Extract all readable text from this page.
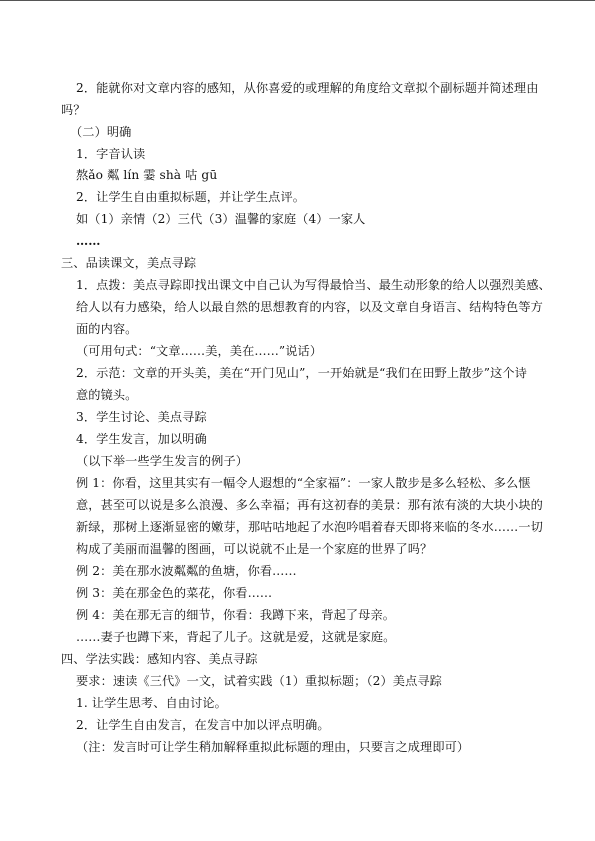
2．能就你对文章内容的感知，从你喜爱的或理解的角度给文章拟个副标题并简述理由
吗？
（二）明确
1．字音认读
熬ǎo 粼 lín 霎 shà 咕 gū
2．让学生自由重拟标题，并让学生点评。
如（1）亲情（2）三代（3）温馨的家庭（4）一家人
……
三、品读课文，美点寻踪
1．点拨：美点寻踪即找出课文中自己认为写得最恰当、最生动形象的给人以强烈美感、
给人以有力感染，给人以最自然的思想教育的内容，以及文章自身语言、结构特色等方
面的内容。
（可用句式：“文章……美，美在……”说话）
2．示范：文章的开头美，美在“开门见山”，一开始就是“我们在田野上散步”这个诗
意的镜头。
3．学生讨论、美点寻踪
4．学生发言，加以明确
（以下举一些学生发言的例子）
例 1：你看，这里其实有一幅令人遐想的“全家福”：一家人散步是多么轻松、多么惬
意，甚至可以说是多么浪漫、多么幸福；再有这初春的美景：那有浓有淡的大块小块的
新绿，那树上逐渐显密的嫩芽，那咕咕地起了水泡吟唱着春天即将来临的冬水……一切
构成了美丽而温馨的图画，可以说就不止是一个家庭的世界了吗？
例 2：美在那水波粼粼的鱼塘，你看……
例 3：美在那金色的菜花，你看……
例 4：美在那无言的细节，你看：我蹲下来，背起了母亲。
……妻子也蹲下来，背起了儿子。这就是爱，这就是家庭。
四、学法实践：感知内容、美点寻踪
要求：速读《三代》一文，试着实践（1）重拟标题；（2）美点寻踪
1. 让学生思考、自由讨论。
2．让学生自由发言，在发言中加以评点明确。
（注：发言时可让学生稍加解释重拟此标题的理由，只要言之成理即可）
